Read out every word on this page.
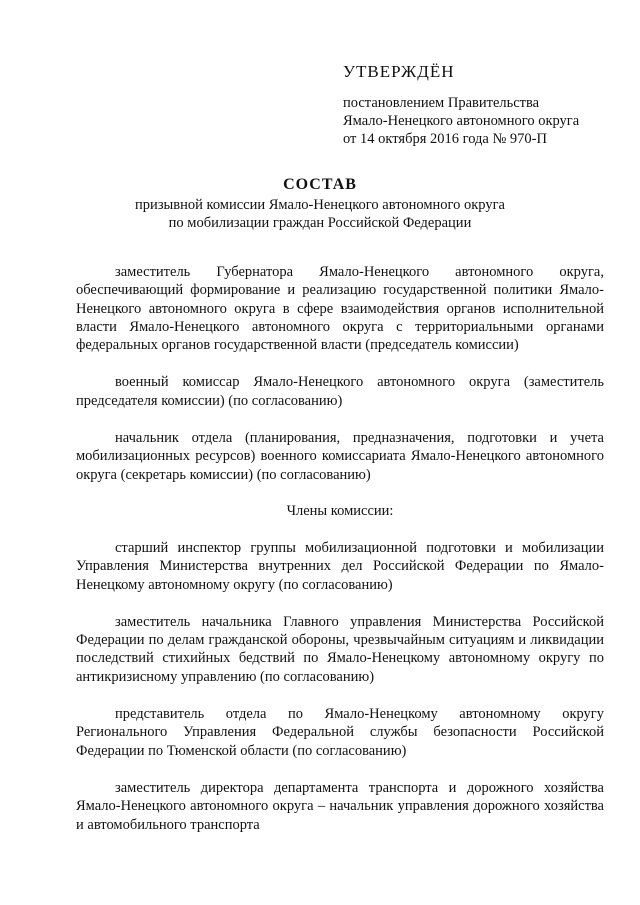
УТВЕРЖДЁН
постановлением Правительства
Ямало-Ненецкого автономного округа
от 14 октября 2016 года № 970-П
СОСТАВ
призывной комиссии Ямало-Ненецкого автономного округа
по мобилизации граждан Российской Федерации

заместитель Губернатора Ямало-Ненецкого автономного округа, обеспечивающий формирование и реализацию государственной политики Ямало-Ненецкого автономного округа в сфере взаимодействия органов исполнительной власти Ямало-Ненецкого автономного округа с территориальными органами федеральных органов государственной власти (председатель комиссии)

военный комиссар Ямало-Ненецкого автономного округа (заместитель председателя комиссии) (по согласованию)

начальник отдела (планирования, предназначения, подготовки и учета мобилизационных ресурсов) военного комиссариата Ямало-Ненецкого автономного округа (секретарь комиссии) (по согласованию)

Члены комиссии:

старший инспектор группы мобилизационной подготовки и мобилизации Управления Министерства внутренних дел Российской Федерации по Ямало-Ненецкому автономному округу (по согласованию)

заместитель начальника Главного управления Министерства Российской Федерации по делам гражданской обороны, чрезвычайным ситуациям и ликвидации последствий стихийных бедствий по Ямало-Ненецкому автономному округу по антикризисному управлению (по согласованию)

представитель отдела по Ямало-Ненецкому автономному округу Регионального Управления Федеральной службы безопасности Российской Федерации по Тюменской области (по согласованию)

заместитель директора департамента транспорта и дорожного хозяйства Ямало-Ненецкого автономного округа – начальник управления дорожного хозяйства и автомобильного транспорта
